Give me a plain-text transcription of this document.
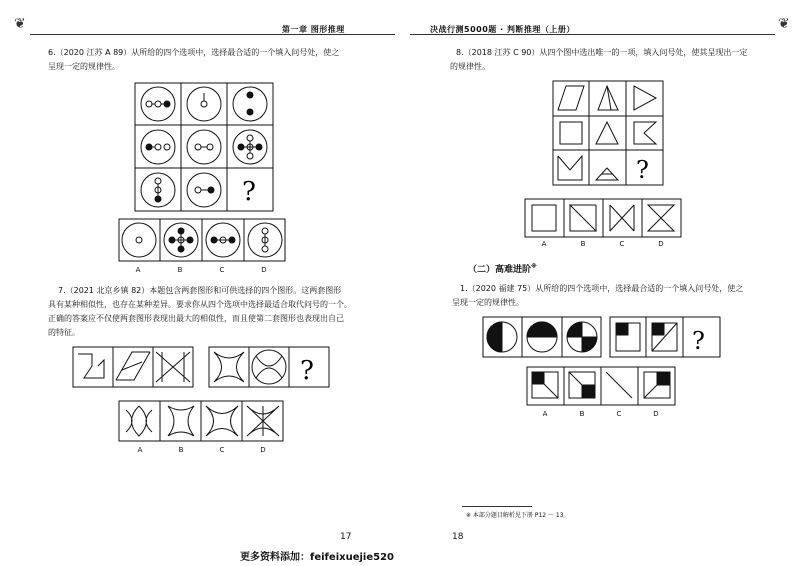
❦	第一章 图形推理
6.（2020 江苏 A 89）从所给的四个选项中，选择最合适的一个填入问号处，使之
呈现一定的规律性。
?
A	B	C	D
7.（2021 北京乡镇 82）本题包含两套图形和可供选择的四个图形。这两套图形
具有某种相似性，也存在某种差异。要求你从四个选项中选择最适合取代问号的一个。
正确的答案应不仅使两套图形表现出最大的相似性，而且使第二套图形也表现出自己
的特征。
?
A	B	C	D
17
决战行测5000题 · 判断推理（上册）	❦
8.（2018 江苏 C 90）从四个图中选出唯一的一项，填入问号处，使其呈现出一定
的规律性。
?
A	B	C	D
（二）高难进阶※
1.（2020 福建 75）从所给的四个选项中，选择最合适的一个填入问号处，使之
呈现一定的规律性。
?
A	B	C	D
※ 本部分题目解析见下册 P12 ～ 13。
18
更多资料添加：feifeixuejie520
